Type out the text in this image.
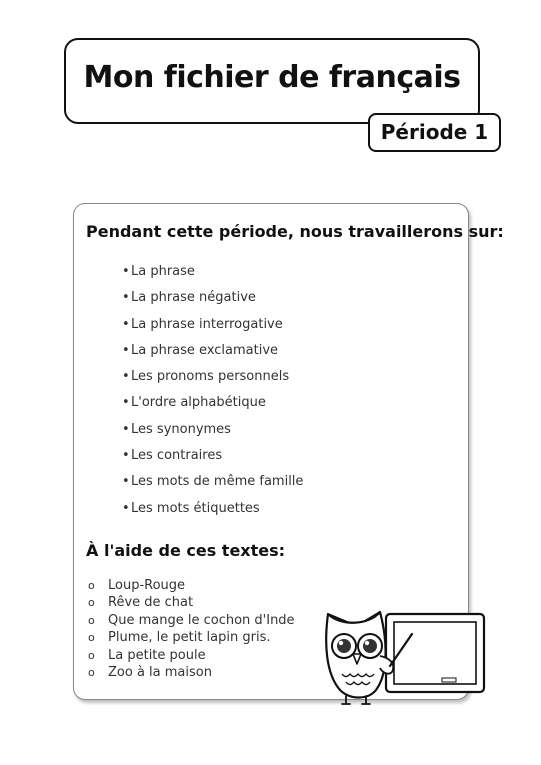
Mon fichier de français
Période 1
Pendant cette période, nous travaillerons sur:
•La phrase
•La phrase négative
•La phrase interrogative
•La phrase exclamative
•Les pronoms personnels
•L'ordre alphabétique
•Les synonymes
•Les contraires
•Les mots de même famille
•Les mots étiquettes
À l'aide de ces textes:
o Loup-Rouge
o Rêve de chat
o Que mange le cochon d'Inde
o Plume, le petit lapin gris.
o La petite poule
o Zoo à la maison
